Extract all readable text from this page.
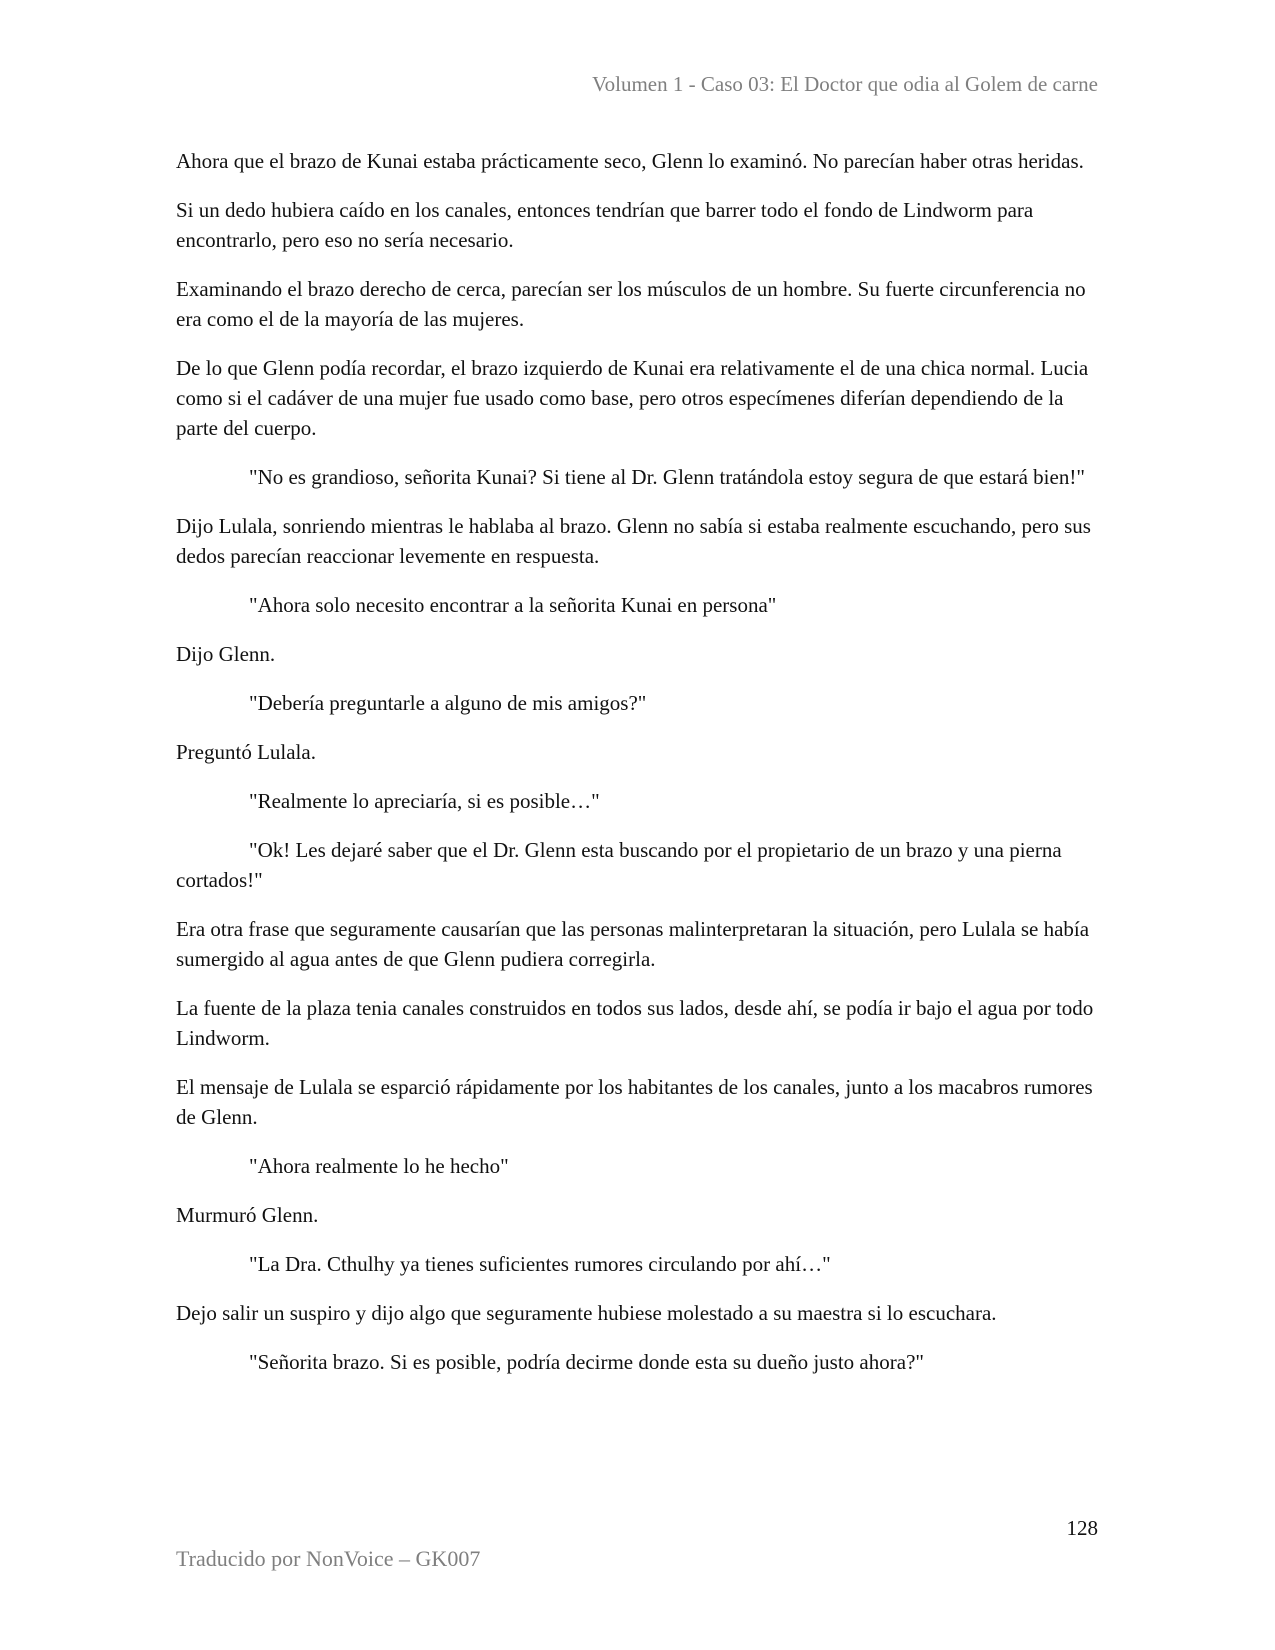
Volumen 1 - Caso 03: El Doctor que odia al Golem de carne

Ahora que el brazo de Kunai estaba prácticamente seco, Glenn lo examinó. No parecían haber otras heridas.

Si un dedo hubiera caído en los canales, entonces tendrían que barrer todo el fondo de Lindworm para encontrarlo, pero eso no sería necesario.

Examinando el brazo derecho de cerca, parecían ser los músculos de un hombre. Su fuerte circunferencia no era como el de la mayoría de las mujeres.

De lo que Glenn podía recordar, el brazo izquierdo de Kunai era relativamente el de una chica normal. Lucia como si el cadáver de una mujer fue usado como base, pero otros especímenes diferían dependiendo de la parte del cuerpo.

"No es grandioso, señorita Kunai? Si tiene al Dr. Glenn tratándola estoy segura de que estará bien!"

Dijo Lulala, sonriendo mientras le hablaba al brazo. Glenn no sabía si estaba realmente escuchando, pero sus dedos parecían reaccionar levemente en respuesta.

"Ahora solo necesito encontrar a la señorita Kunai en persona"

Dijo Glenn.

"Debería preguntarle a alguno de mis amigos?"

Preguntó Lulala.

"Realmente lo apreciaría, si es posible…"

"Ok! Les dejaré saber que el Dr. Glenn esta buscando por el propietario de un brazo y una pierna cortados!"

Era otra frase que seguramente causarían que las personas malinterpretaran la situación, pero Lulala se había sumergido al agua antes de que Glenn pudiera corregirla.

La fuente de la plaza tenia canales construidos en todos sus lados, desde ahí, se podía ir bajo el agua por todo Lindworm.

El mensaje de Lulala se esparció rápidamente por los habitantes de los canales, junto a los macabros rumores de Glenn.

"Ahora realmente lo he hecho"

Murmuró Glenn.

"La Dra. Cthulhy ya tienes suficientes rumores circulando por ahí…"

Dejo salir un suspiro y dijo algo que seguramente hubiese molestado a su maestra si lo escuchara.

"Señorita brazo. Si es posible, podría decirme donde esta su dueño justo ahora?"

128
Traducido por NonVoice – GK007
